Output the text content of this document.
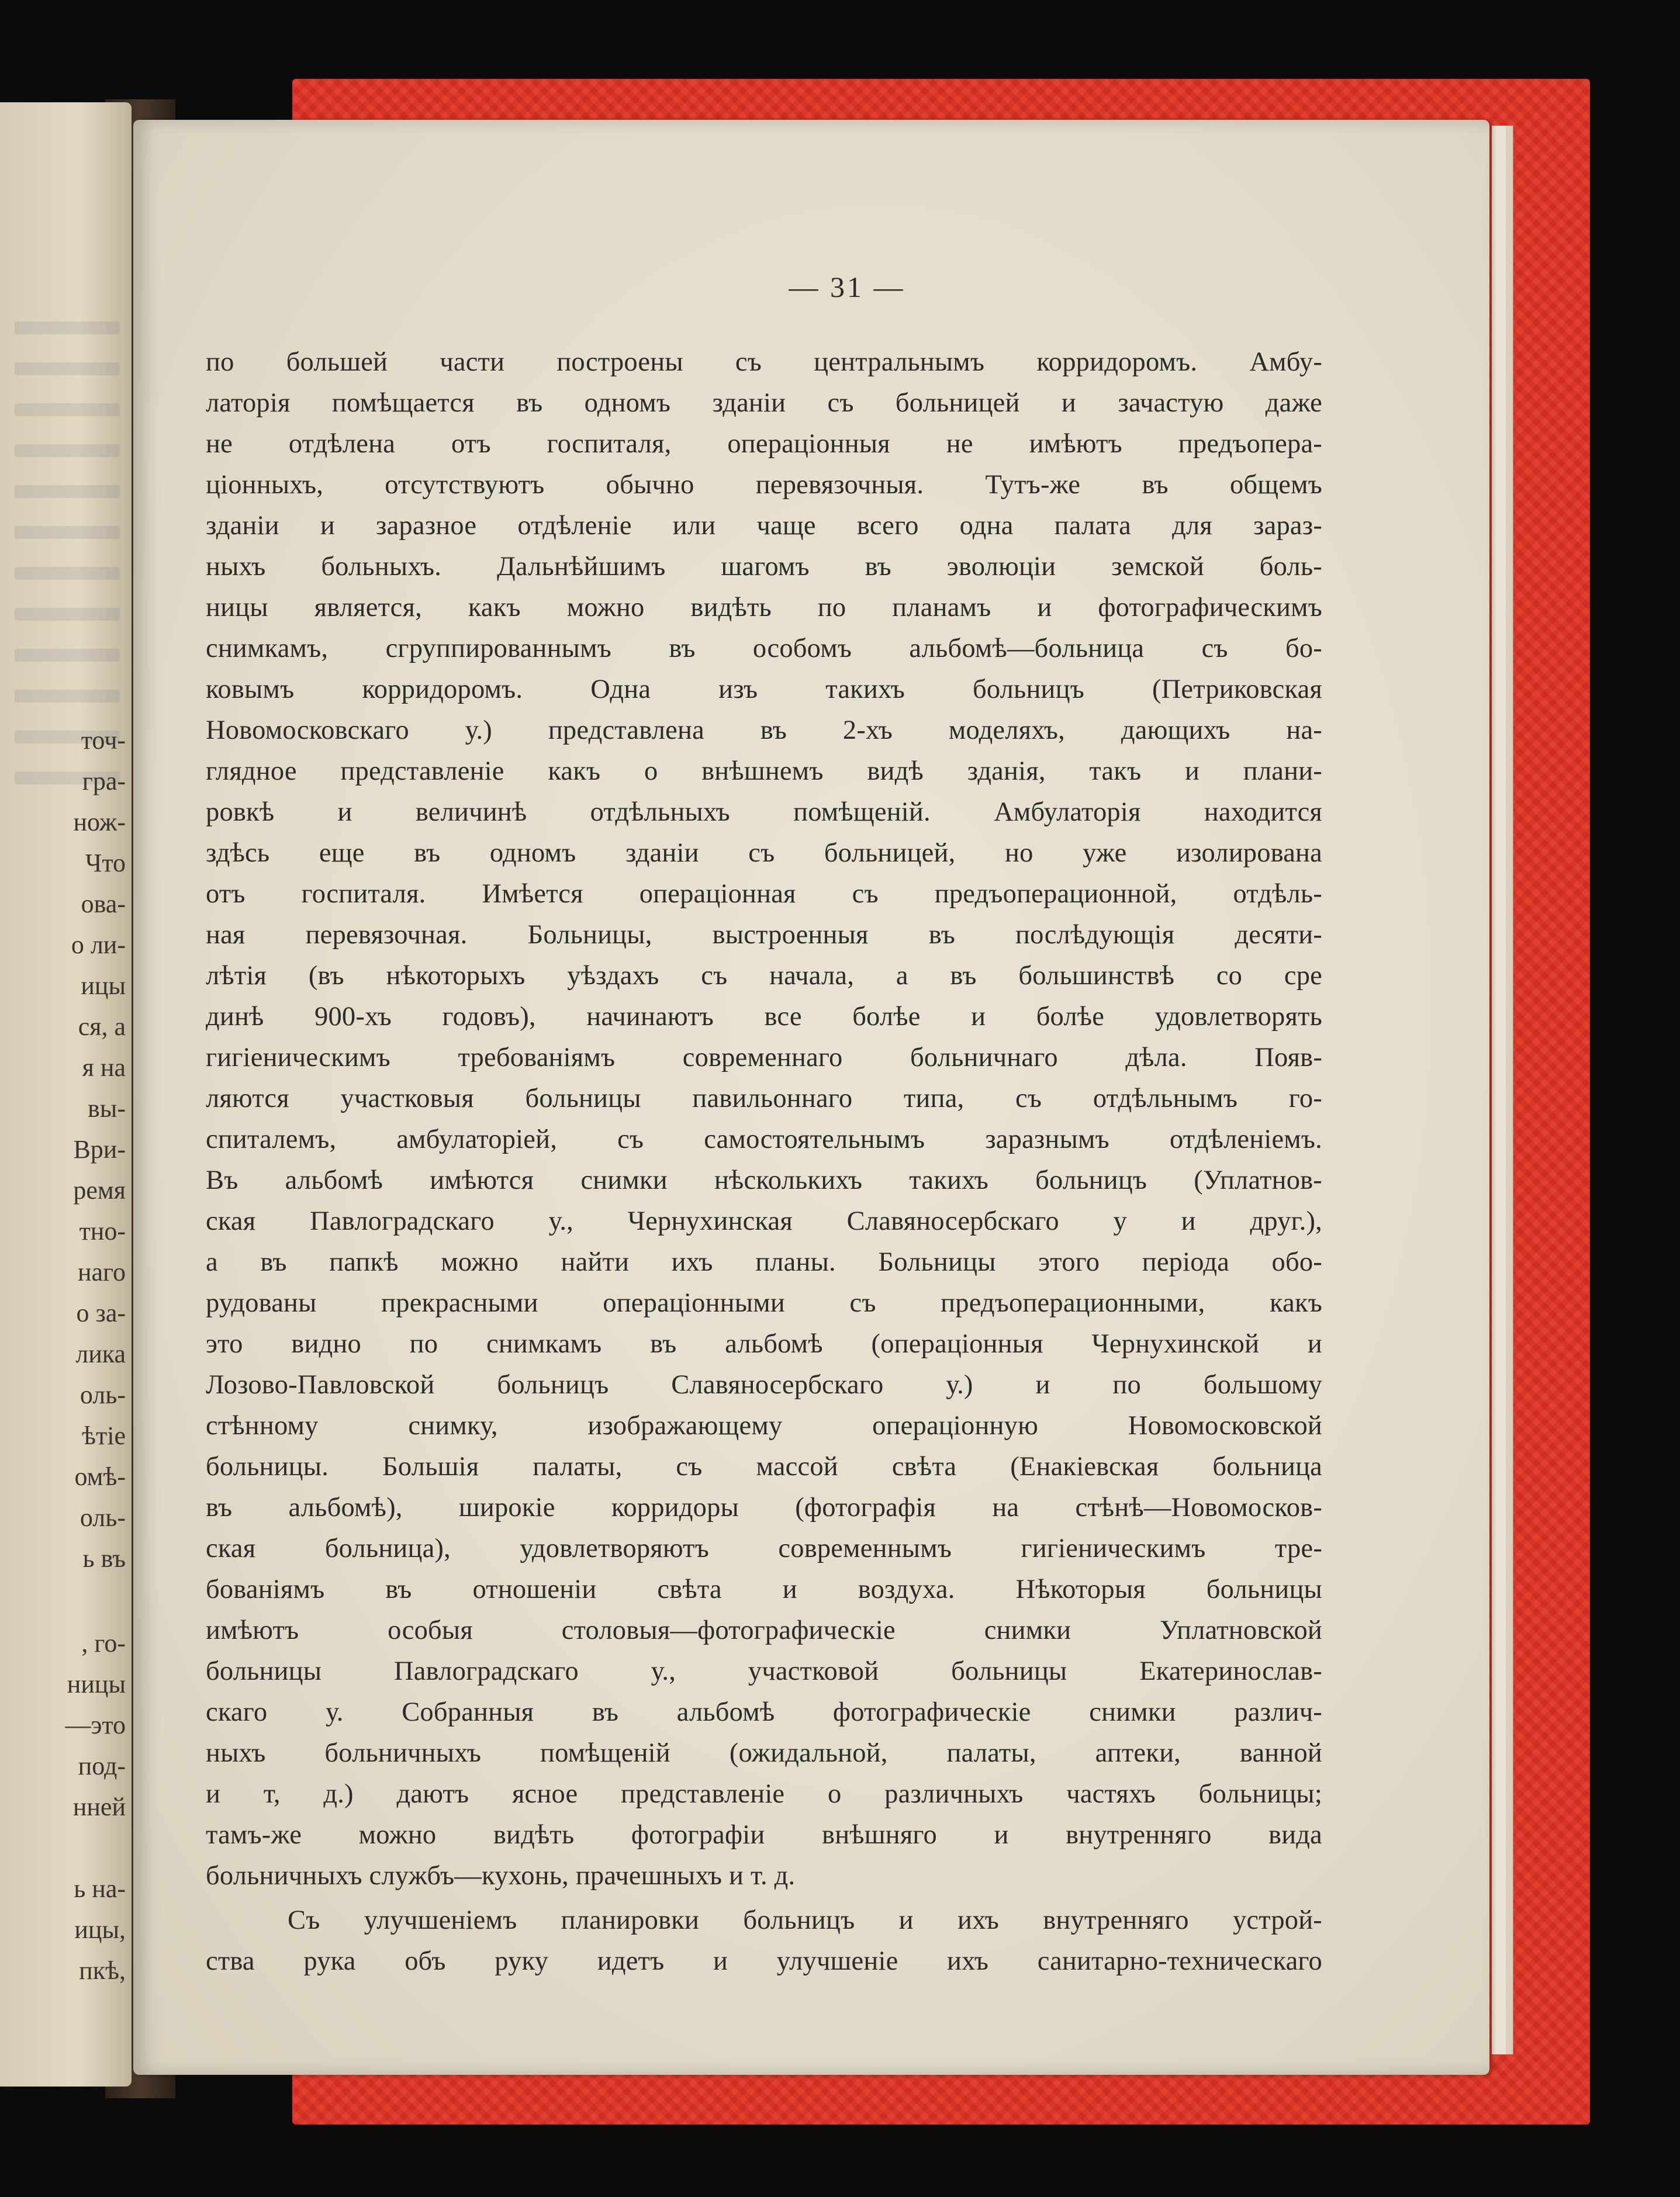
точ-
гра-
нож-
Что
ова-
о ли-
ицы
ся, а
я на
вы-
Ври-
ремя
тно-
наго
о за-
лика
оль-
ѣтіе
омѣ-
оль-
ь въ
, го-
ницы
—это
под-
нней
ь на-
ицы,
пкѣ,
— 31 —
по большей части построены съ центральнымъ корридоромъ. Амбу-
латорія помѣщается въ одномъ зданіи съ больницей и зачастую даже
не отдѣлена отъ госпиталя, операціонныя не имѣютъ предъопера-
ціонныхъ, отсутствуютъ обычно перевязочныя. Тутъ-же въ общемъ
зданіи и заразное отдѣленіе или чаще всего одна палата для зараз-
ныхъ больныхъ. Дальнѣйшимъ шагомъ въ эволюціи земской боль-
ницы является, какъ можно видѣть по планамъ и фотографическимъ
снимкамъ, сгруппированнымъ въ особомъ альбомѣ—больница съ бо-
ковымъ корридоромъ. Одна изъ такихъ больницъ (Петриковская
Новомосковскаго у.) представлена въ 2-хъ моделяхъ, дающихъ на-
глядное представленіе какъ о внѣшнемъ видѣ зданія, такъ и плани-
ровкѣ и величинѣ отдѣльныхъ помѣщеній. Амбулаторія находится
здѣсь еще въ одномъ зданіи съ больницей, но уже изолирована
отъ госпиталя. Имѣется операціонная съ предъоперационной, отдѣль-
ная перевязочная. Больницы, выстроенныя въ послѣдующія десяти-
лѣтія (въ нѣкоторыхъ уѣздахъ съ начала, а въ большинствѣ со сре
динѣ 900-хъ годовъ), начинаютъ все болѣе и болѣе удовлетворять
гигіеническимъ требованіямъ современнаго больничнаго дѣла. Появ-
ляются участковыя больницы павильоннаго типа, съ отдѣльнымъ го-
спиталемъ, амбулаторіей, съ самостоятельнымъ заразнымъ отдѣленіемъ.
Въ альбомѣ имѣются снимки нѣсколькихъ такихъ больницъ (Уплатнов-
ская Павлоградскаго у., Чернухинская Славяносербскаго у и друг.),
а въ папкѣ можно найти ихъ планы. Больницы этого періода обо-
рудованы прекрасными операціонными съ предъоперационными, какъ
это видно по снимкамъ въ альбомѣ (операціонныя Чернухинской и
Лозово-Павловской больницъ Славяносербскаго у.) и по большому
стѣнному снимку, изображающему операціонную Новомосковской
больницы. Большія палаты, съ массой свѣта (Енакіевская больница
въ альбомѣ), широкіе корридоры (фотографія на стѣнѣ—Новомосков-
ская больница), удовлетворяютъ современнымъ гигіеническимъ тре-
бованіямъ въ отношеніи свѣта и воздуха. Нѣкоторыя больницы
имѣютъ особыя столовыя—фотографическіе снимки Уплатновской
больницы Павлоградскаго у., участковой больницы Екатеринослав-
скаго у. Собранныя въ альбомѣ фотографическіе снимки различ-
ныхъ больничныхъ помѣщеній (ожидальной, палаты, аптеки, ванной
и т, д.) даютъ ясное представленіе о различныхъ частяхъ больницы;
тамъ-же можно видѣть фотографіи внѣшняго и внутренняго вида
больничныхъ службъ—кухонь, прачешныхъ и т. д.
Съ улучшеніемъ планировки больницъ и ихъ внутренняго устрой-
ства рука объ руку идетъ и улучшеніе ихъ санитарно-техническаго
